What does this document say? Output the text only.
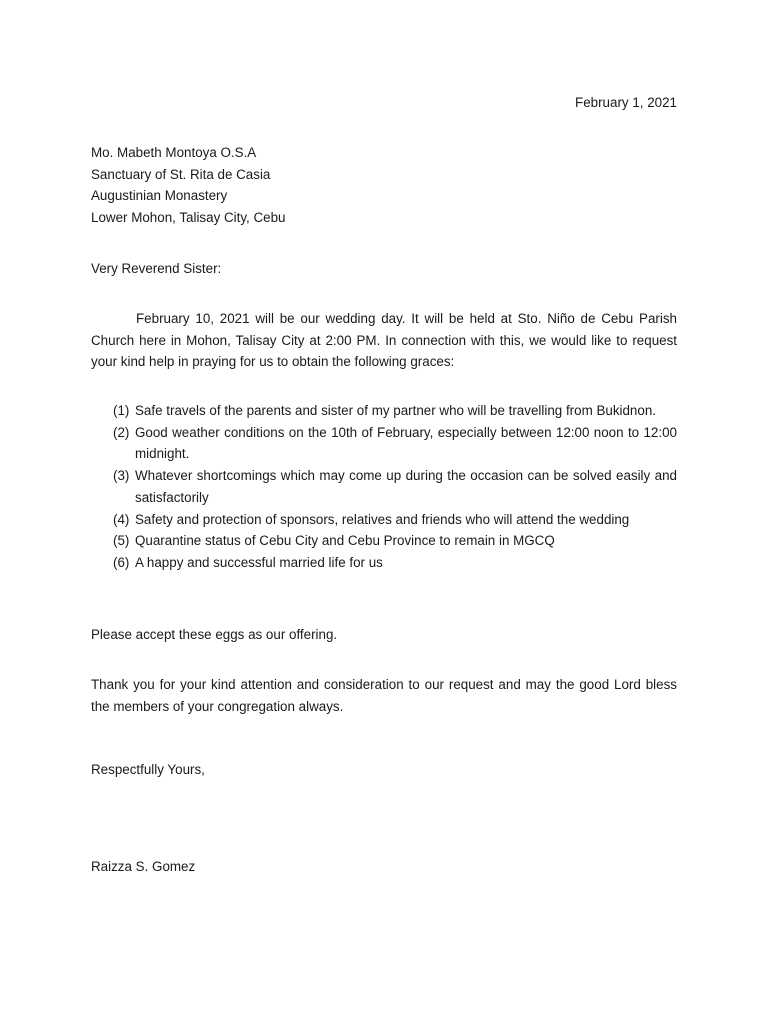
February 1, 2021
Mo. Mabeth Montoya O.S.A
Sanctuary of St. Rita de Casia
Augustinian Monastery
Lower Mohon, Talisay City, Cebu
Very Reverend Sister:

February 10, 2021 will be our wedding day. It will be held at Sto. Niño de Cebu Parish Church here in Mohon, Talisay City at 2:00 PM. In connection with this, we would like to request your kind help in praying for us to obtain the following graces:

(1) Safe travels of the parents and sister of my partner who will be travelling from Bukidnon.
(2) Good weather conditions on the 10th of February, especially between 12:00 noon to 12:00 midnight.
(3) Whatever shortcomings which may come up during the occasion can be solved easily and satisfactorily
(4) Safety and protection of sponsors, relatives and friends who will attend the wedding
(5) Quarantine status of Cebu City and Cebu Province to remain in MGCQ
(6) A happy and successful married life for us
Please accept these eggs as our offering.

Thank you for your kind attention and consideration to our request and may the good Lord bless the members of your congregation always.

Respectfully Yours,
Raizza S. Gomez
